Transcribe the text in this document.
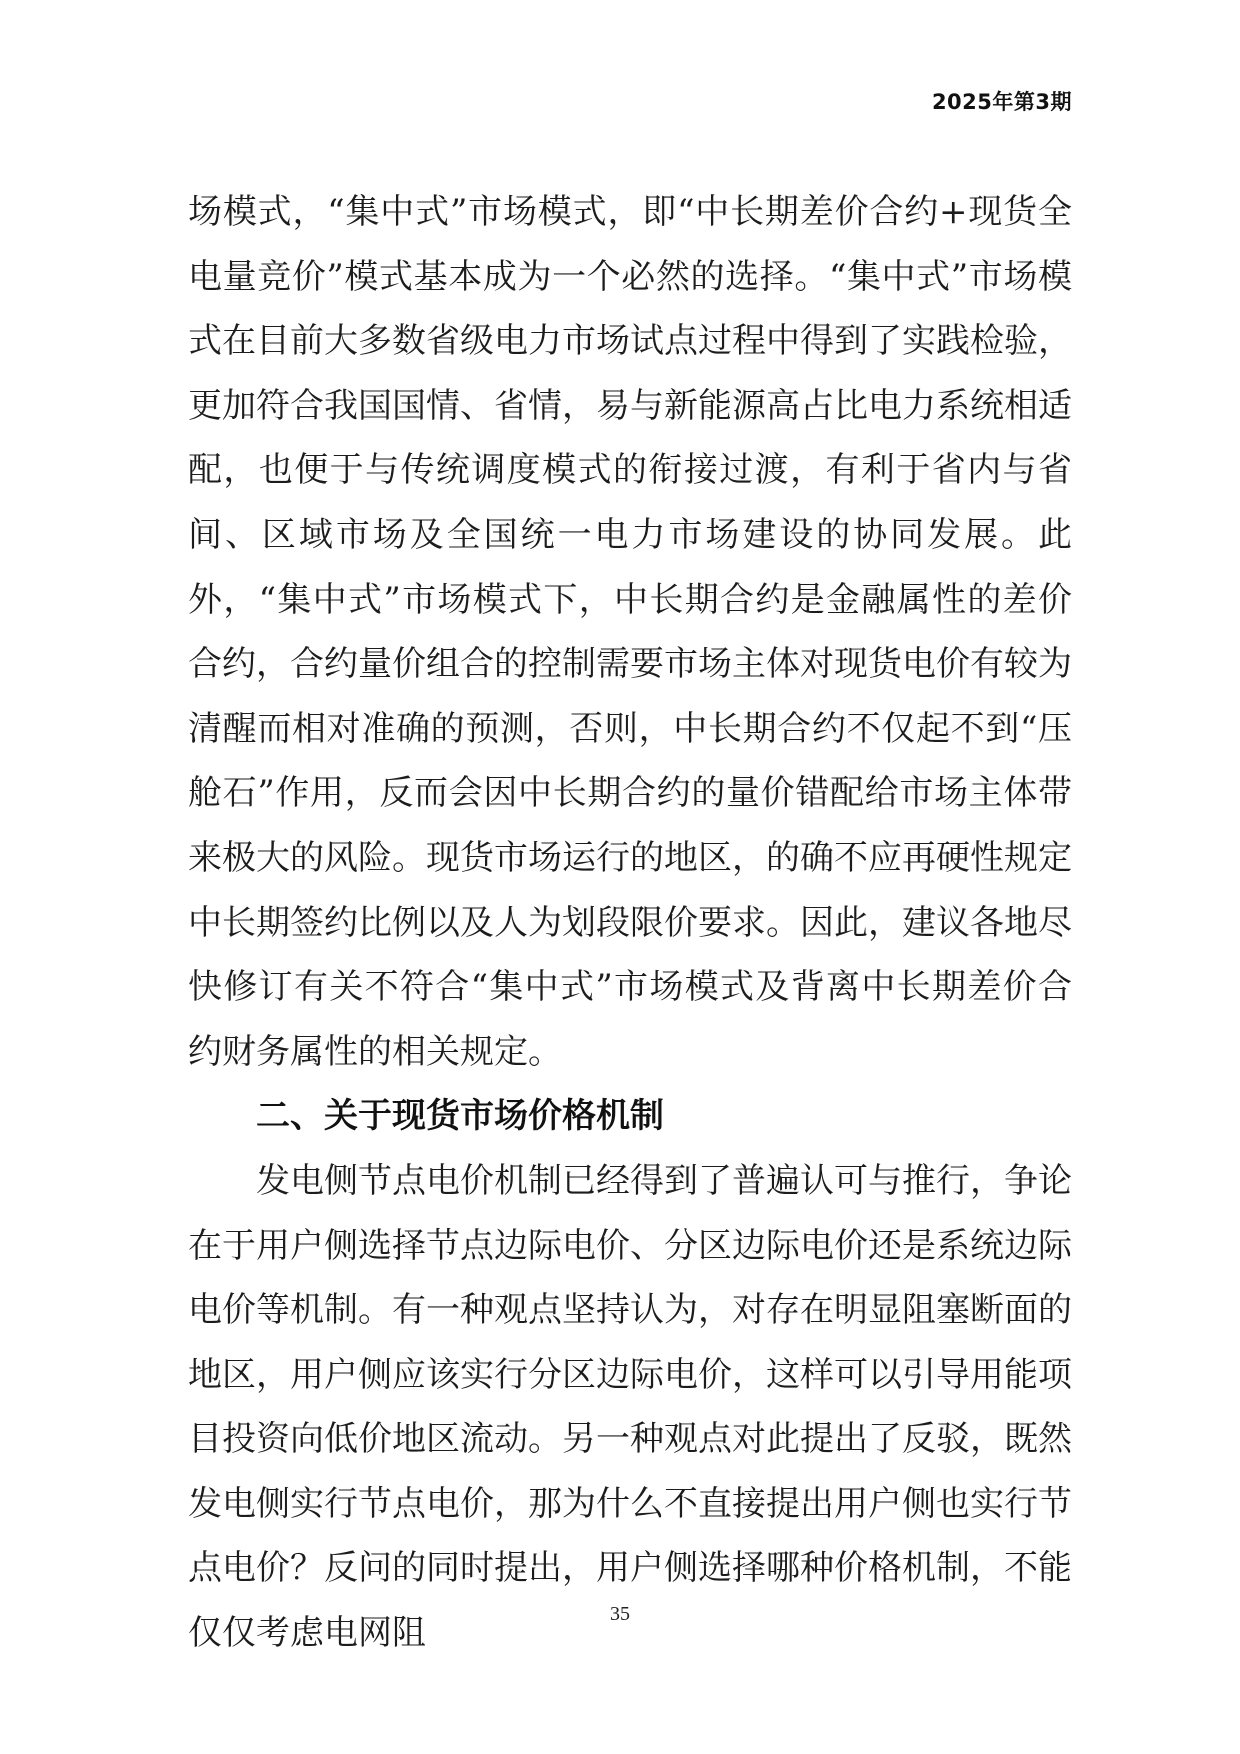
2025年第3期

场模式，“集中式”市场模式，即“中长期差价合约+现货全电量竞价”模式基本成为一个必然的选择。“集中式”市场模式在目前大多数省级电力市场试点过程中得到了实践检验，更加符合我国国情、省情，易与新能源高占比电力系统相适配，也便于与传统调度模式的衔接过渡，有利于省内与省间、区域市场及全国统一电力市场建设的协同发展。此外，“集中式”市场模式下，中长期合约是金融属性的差价合约，合约量价组合的控制需要市场主体对现货电价有较为清醒而相对准确的预测，否则，中长期合约不仅起不到“压舱石”作用，反而会因中长期合约的量价错配给市场主体带来极大的风险。现货市场运行的地区，的确不应再硬性规定中长期签约比例以及人为划段限价要求。因此，建议各地尽快修订有关不符合“集中式”市场模式及背离中长期差价合约财务属性的相关规定。

二、关于现货市场价格机制

发电侧节点电价机制已经得到了普遍认可与推行，争论在于用户侧选择节点边际电价、分区边际电价还是系统边际电价等机制。有一种观点坚持认为，对存在明显阻塞断面的地区，用户侧应该实行分区边际电价，这样可以引导用能项目投资向低价地区流动。另一种观点对此提出了反驳，既然发电侧实行节点电价，那为什么不直接提出用户侧也实行节点电价？反问的同时提出，用户侧选择哪种价格机制，不能仅仅考虑电网阻	35
